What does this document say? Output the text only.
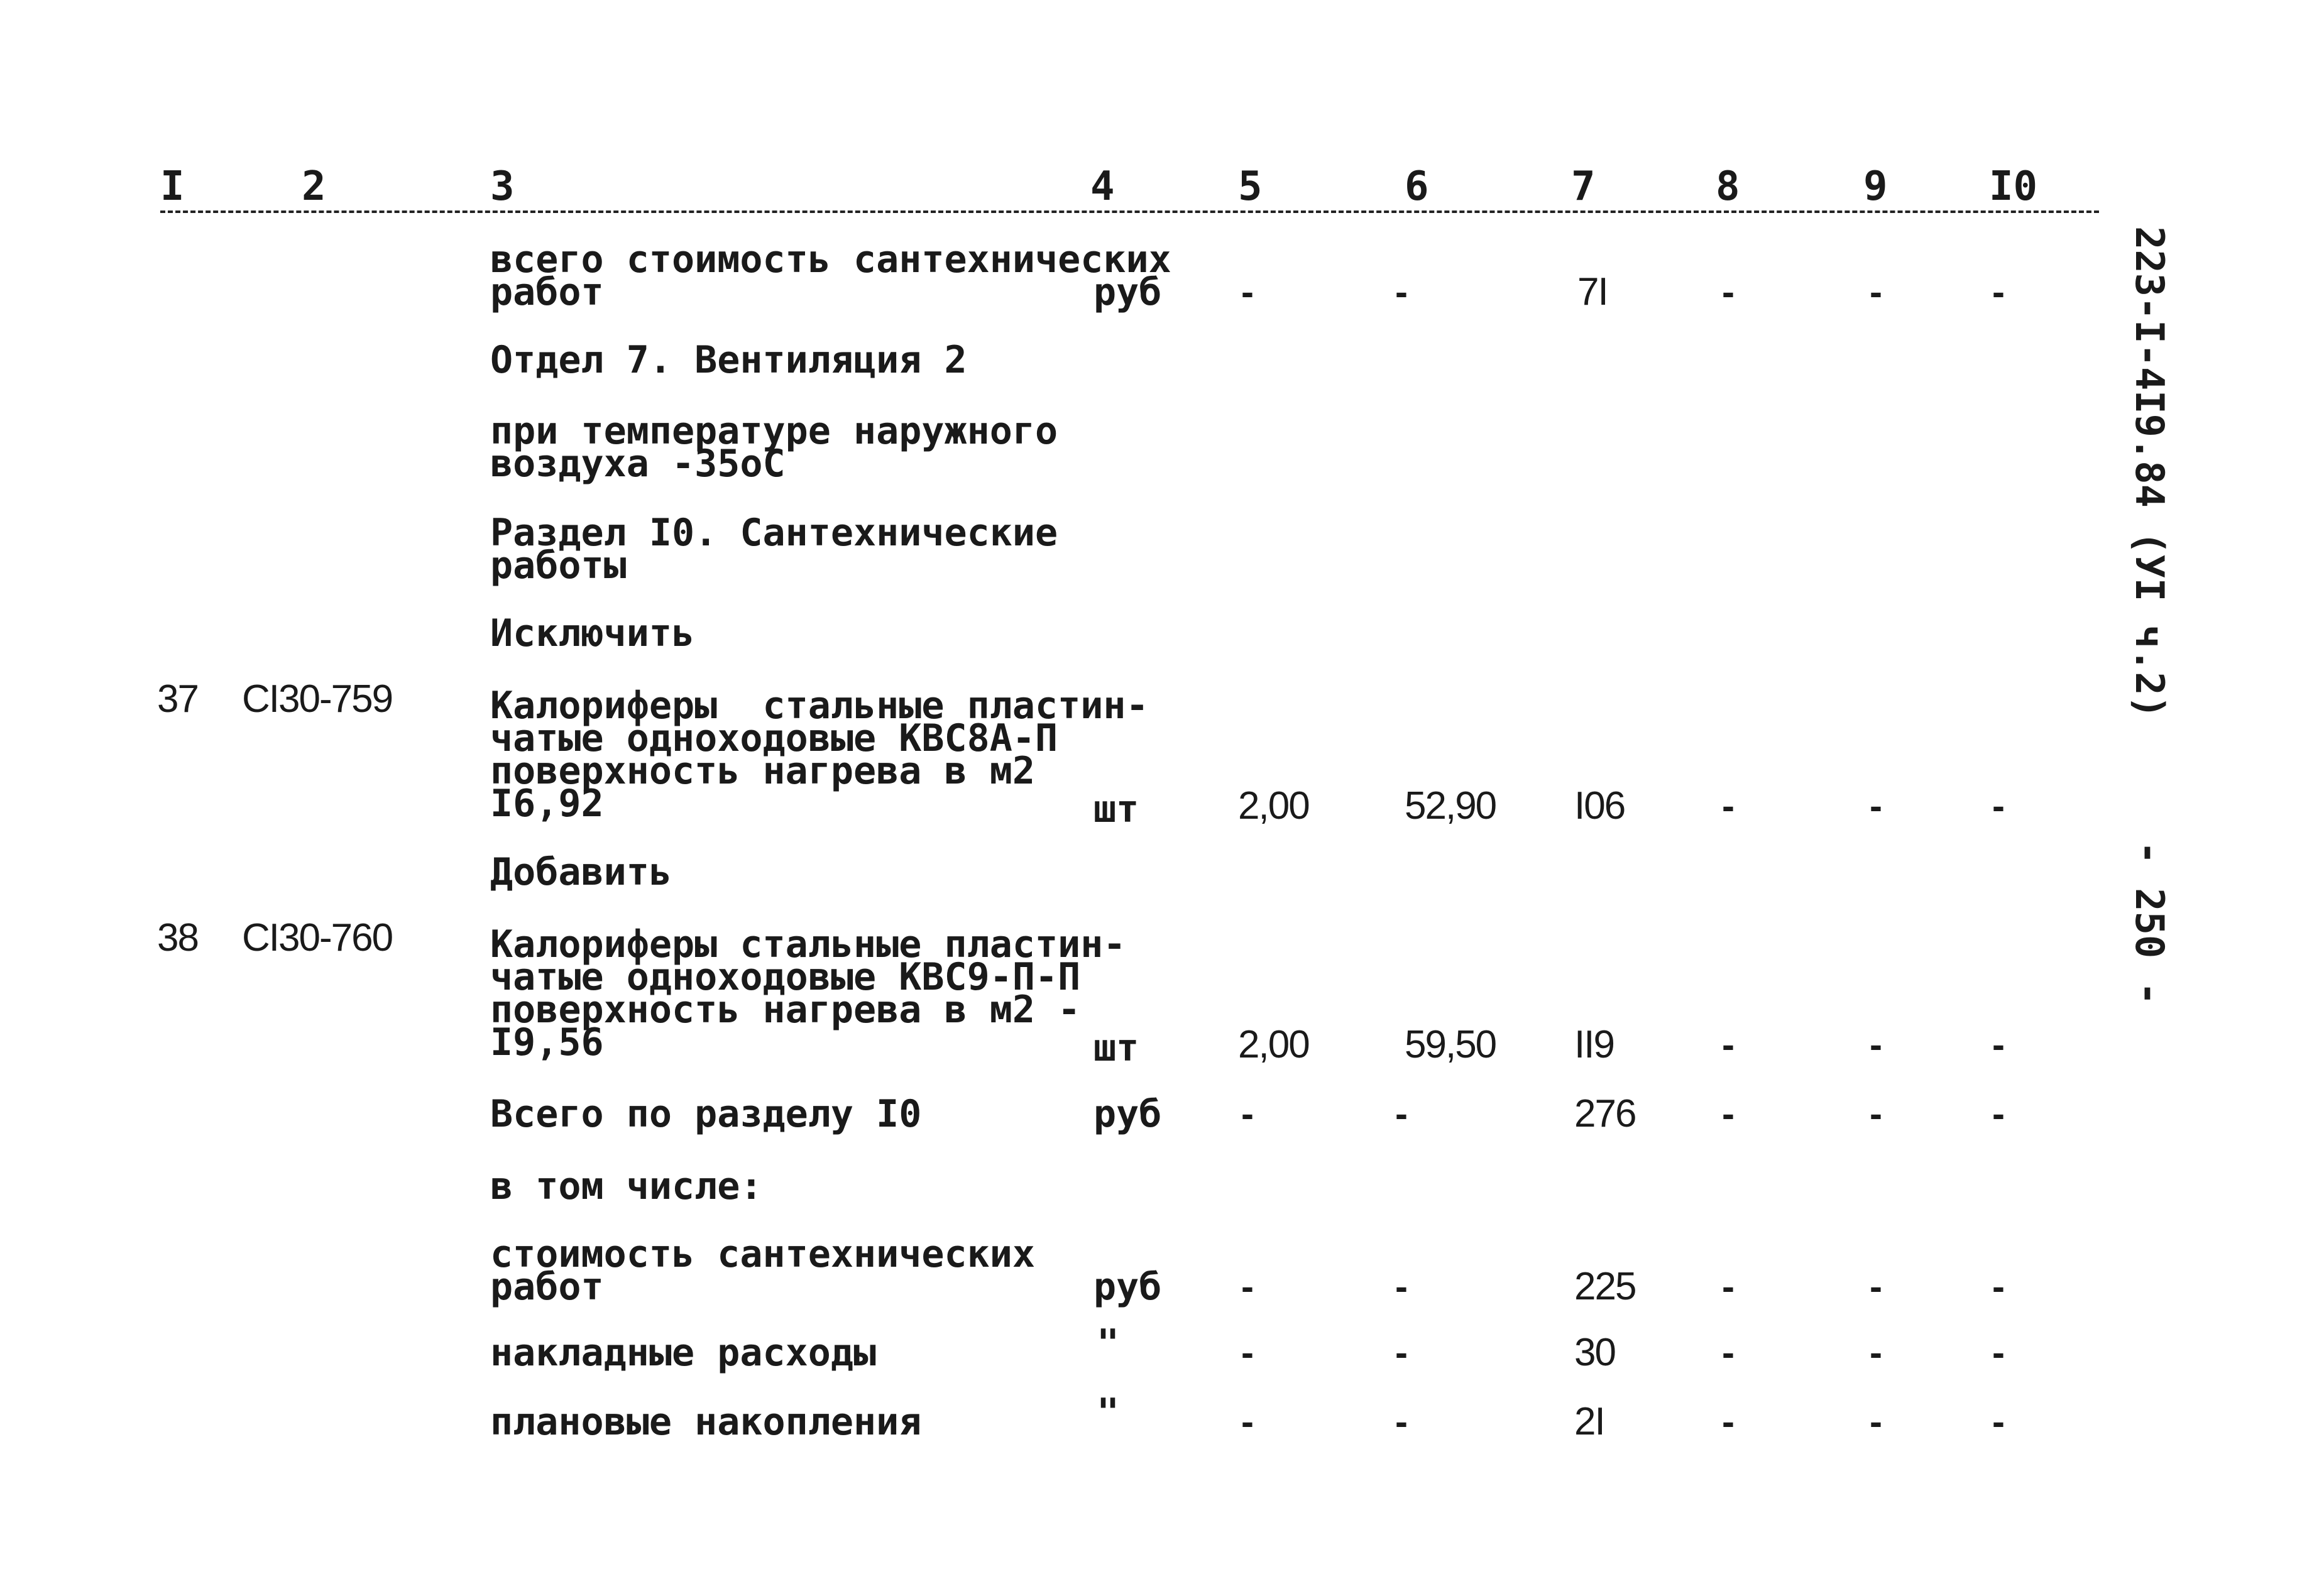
I	2	3	4	5	6	7	8	9	I0
всего стоимость сантехнических
работ	руб -	-	7I	-	-	-
Отдел 7. Вентиляция 2
при температуре наружного
воздуха -35оС
Раздел I0. Сантехнические
работы
Исключить
37 CI30-759	Калориферы  стальные пластин-
чатые одноходовые КВС8А-П
поверхность нагрева в м2
I6,92	шт	2,00 52,90 I06	-	-	-
Добавить
38 CI30-760	Калориферы стальные пластин-
чатые одноходовые КВС9-П-П
поверхность нагрева в м2 -
I9,56	шт	2,00 59,50 II9	-	-	-
Всего по разделу I0	руб -	-	276 -	-	-
в том числе:
стоимость сантехнических
работ	руб -	-	225 -	-	-
накладные расходы	"	-	-	30	-	-	-
плановые накопления	"	-	-	2I	-	-	-
223-I-4I9.84 (УI ч.2)  - 250 -
